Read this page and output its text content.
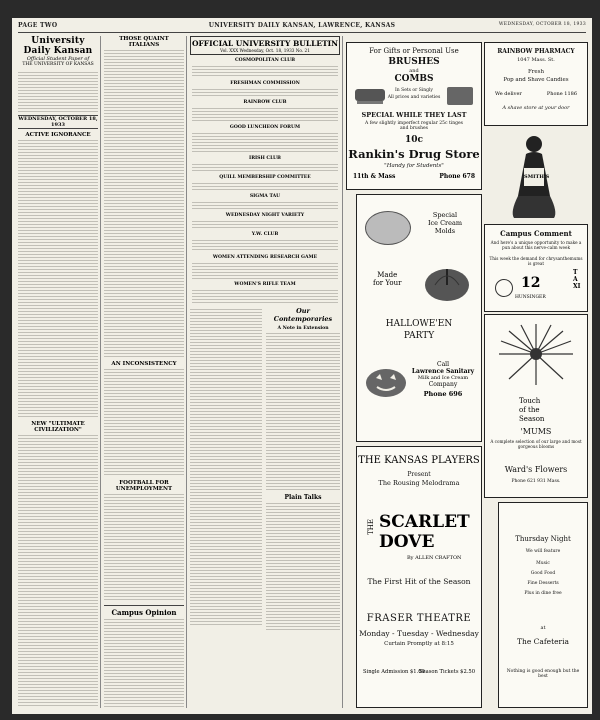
PAGE TWO	UNIVERSITY DAILY KANSAN, LAWRENCE, KANSAS	WEDNESDAY, OCTOBER 18, 1933
University Daily Kansan
Official Student Paper of
THE UNIVERSITY OF KANSAS
WEDNESDAY, OCTOBER 18, 1933
ACTIVE IGNORANCE
NEW "ULTIMATE CIVILIZATION"
THOSE QUAINT ITALIANS
AN INCONSISTENCY
FOOTBALL FOR UNEMPLOYMENT
Campus Opinion
OFFICIAL UNIVERSITY BULLETIN
Vol. XXX Wednesday, Oct. 18, 1933 No. 21
COSMOPOLITAN CLUB
FRESHMAN COMMISSION
RAINBOW CLUB
GOOD LUNCHEON FORUM
IRISH CLUB
QUILL MEMBERSHIP COMMITTEE
SIGMA TAU
WEDNESDAY NIGHT VARIETY
Y.W. CLUB
WOMEN ATTENDING RESEARCH GAME
WOMEN'S RIFLE TEAM
Our Contemporaries
A Note in Extension
Plain Talks
For Gifts or Personal Use
BRUSHES
and
COMBS
In Sets or Singly
All prices and varieties
SPECIAL WHILE THEY LAST
A few slightly imperfect regular 25c tinges and brushes
10c
Rankin's Drug Store
"Handy for Students"
11th & Mass	Phone 678
RAINBOW PHARMACY
1047 Mass. St.
Fresh
Pop and Shave Candies
We deliver	Phone 1186
A shave store at your door
SMITH'S
Special
Ice Cream
Molds
Made
for Your
HALLOWE'EN
PARTY
Call
Lawrence Sanitary
Milk and Ice Cream
Company
Phone 696
Campus Comment
And here's a unique opportunity to make a pun about this nerve-calm week
This week the demand for chrysanthemums is great
12
HUNSINGER
TAXI
Touch
of the
Season
'MUMS
A complete selection of our large and most gorgeous blooms
Ward's Flowers
Phone 621 931 Mass.
THE KANSAS PLAYERS
Present
The Rousing Melodrama
THE SCARLET
DOVE
By ALLEN CRAFTON
The First Hit of the Season
FRASER THEATRE
Monday - Tuesday - Wednesday
Curtain Promptly at 8:15
Single Admission $1.00
Season Tickets $2.50
Thursday Night
We will feature
Music
Good Food
Fine Desserts
Plus in dine free
at
The Cafeteria
Nothing is good enough but the best
